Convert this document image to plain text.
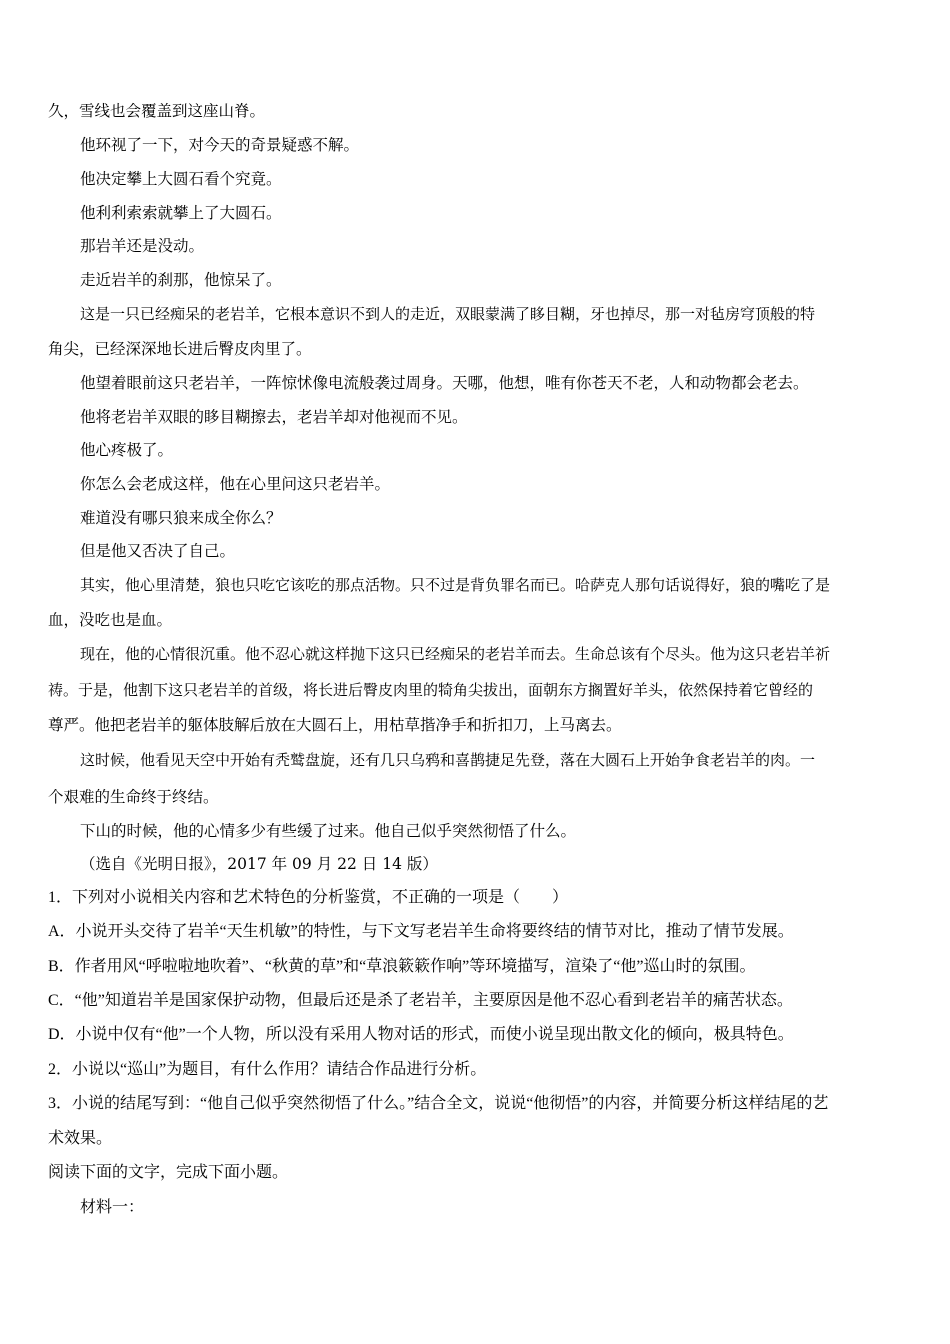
久，雪线也会覆盖到这座山脊。
他环视了一下，对今天的奇景疑惑不解。
他决定攀上大圆石看个究竟。
他利利索索就攀上了大圆石。
那岩羊还是没动。
走近岩羊的刹那，他惊呆了。
这是一只已经痴呆的老岩羊，它根本意识不到人的走近，双眼蒙满了眵目糊，牙也掉尽，那一对毡房穹顶般的特
角尖，已经深深地长进后臀皮肉里了。
他望着眼前这只老岩羊，一阵惊怵像电流般袭过周身。天哪，他想，唯有你苍天不老，人和动物都会老去。
他将老岩羊双眼的眵目糊擦去，老岩羊却对他视而不见。
他心疼极了。
你怎么会老成这样，他在心里问这只老岩羊。
难道没有哪只狼来成全你么？
但是他又否决了自己。
其实，他心里清楚，狼也只吃它该吃的那点活物。只不过是背负罪名而已。哈萨克人那句话说得好，狼的嘴吃了是
血，没吃也是血。
现在，他的心情很沉重。他不忍心就这样抛下这只已经痴呆的老岩羊而去。生命总该有个尽头。他为这只老岩羊祈
祷。于是，他割下这只老岩羊的首级，将长进后臀皮肉里的犄角尖拔出，面朝东方搁置好羊头，依然保持着它曾经的
尊严。他把老岩羊的躯体肢解后放在大圆石上，用枯草揩净手和折扣刀，上马离去。
这时候，他看见天空中开始有秃鹫盘旋，还有几只乌鸦和喜鹊捷足先登，落在大圆石上开始争食老岩羊的肉。一
个艰难的生命终于终结。
下山的时候，他的心情多少有些缓了过来。他自己似乎突然彻悟了什么。
（选自《光明日报》，2017 年 09 月 22 日 14 版）
1．下列对小说相关内容和艺术特色的分析鉴赏，不正确的一项是（　　）
A．小说开头交待了岩羊“天生机敏”的特性，与下文写老岩羊生命将要终结的情节对比，推动了情节发展。
B．作者用风“呼啦啦地吹着”、“秋黄的草”和“草浪簌簌作响”等环境描写，渲染了“他”巡山时的氛围。
C．“他”知道岩羊是国家保护动物，但最后还是杀了老岩羊，主要原因是他不忍心看到老岩羊的痛苦状态。
D．小说中仅有“他”一个人物，所以没有采用人物对话的形式，而使小说呈现出散文化的倾向，极具特色。
2．小说以“巡山”为题目，有什么作用？请结合作品进行分析。
3．小说的结尾写到：“他自己似乎突然彻悟了什么。”结合全文，说说“他彻悟”的内容，并简要分析这样结尾的艺
术效果。
阅读下面的文字，完成下面小题。
材料一：
